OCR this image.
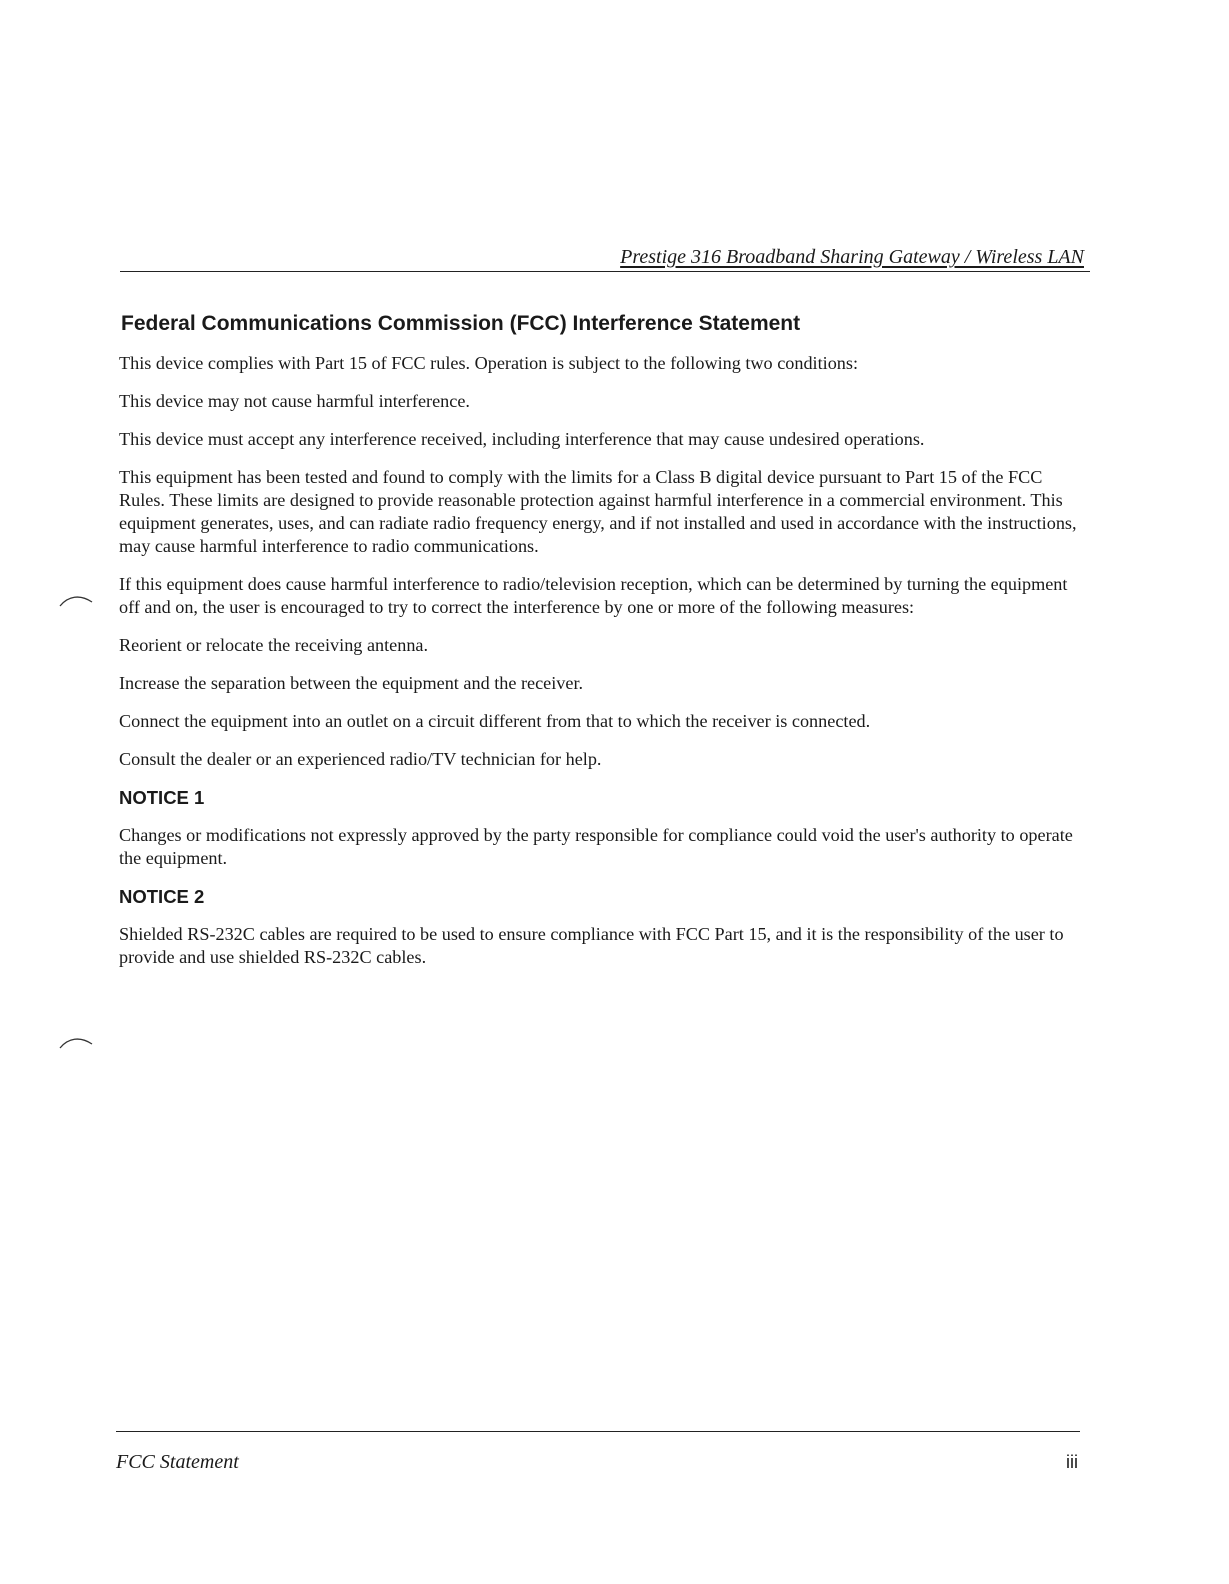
Prestige 316 Broadband Sharing Gateway / Wireless LAN
Federal Communications Commission (FCC) Interference Statement

This device complies with Part 15 of FCC rules. Operation is subject to the following two conditions:

This device may not cause harmful interference.

This device must accept any interference received, including interference that may cause undesired operations.

This equipment has been tested and found to comply with the limits for a Class B digital device pursuant to Part 15 of the FCC Rules. These limits are designed to provide reasonable protection against harmful interference in a commercial environment. This equipment generates, uses, and can radiate radio frequency energy, and if not installed and used in accordance with the instructions, may cause harmful interference to radio communications.

If this equipment does cause harmful interference to radio/television reception, which can be determined by turning the equipment off and on, the user is encouraged to try to correct the interference by one or more of the following measures:

Reorient or relocate the receiving antenna.

Increase the separation between the equipment and the receiver.

Connect the equipment into an outlet on a circuit different from that to which the receiver is connected.

Consult the dealer or an experienced radio/TV technician for help.

NOTICE 1

Changes or modifications not expressly approved by the party responsible for compliance could void the user's authority to operate the equipment.

NOTICE 2

Shielded RS-232C cables are required to be used to ensure compliance with FCC Part 15, and it is the responsibility of the user to provide and use shielded RS-232C cables.

FCC Statement	iii
